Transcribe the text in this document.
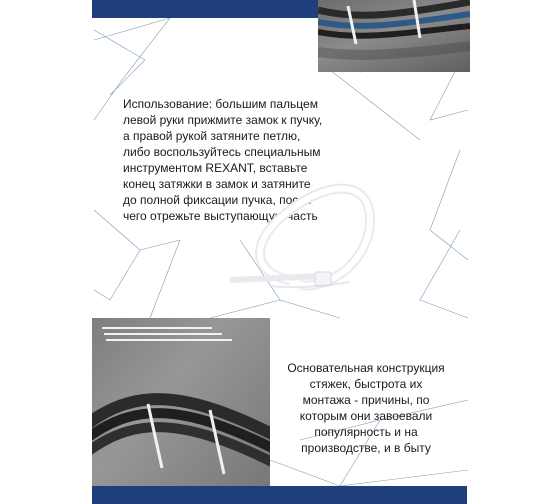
Использование: большим пальцем левой руки прижмите замок к пучку, а правой рукой затяните петлю, либо воспользуйтесь специальным инструментом REXANT, вставьте конец затяжки в замок и затяните до полной фиксации пучка, после чего отрежьте выступающую часть

Основательная конструкция стяжек, быстрота их монтажа - причины, по которым они завоевали популярность и на производстве, и в быту
